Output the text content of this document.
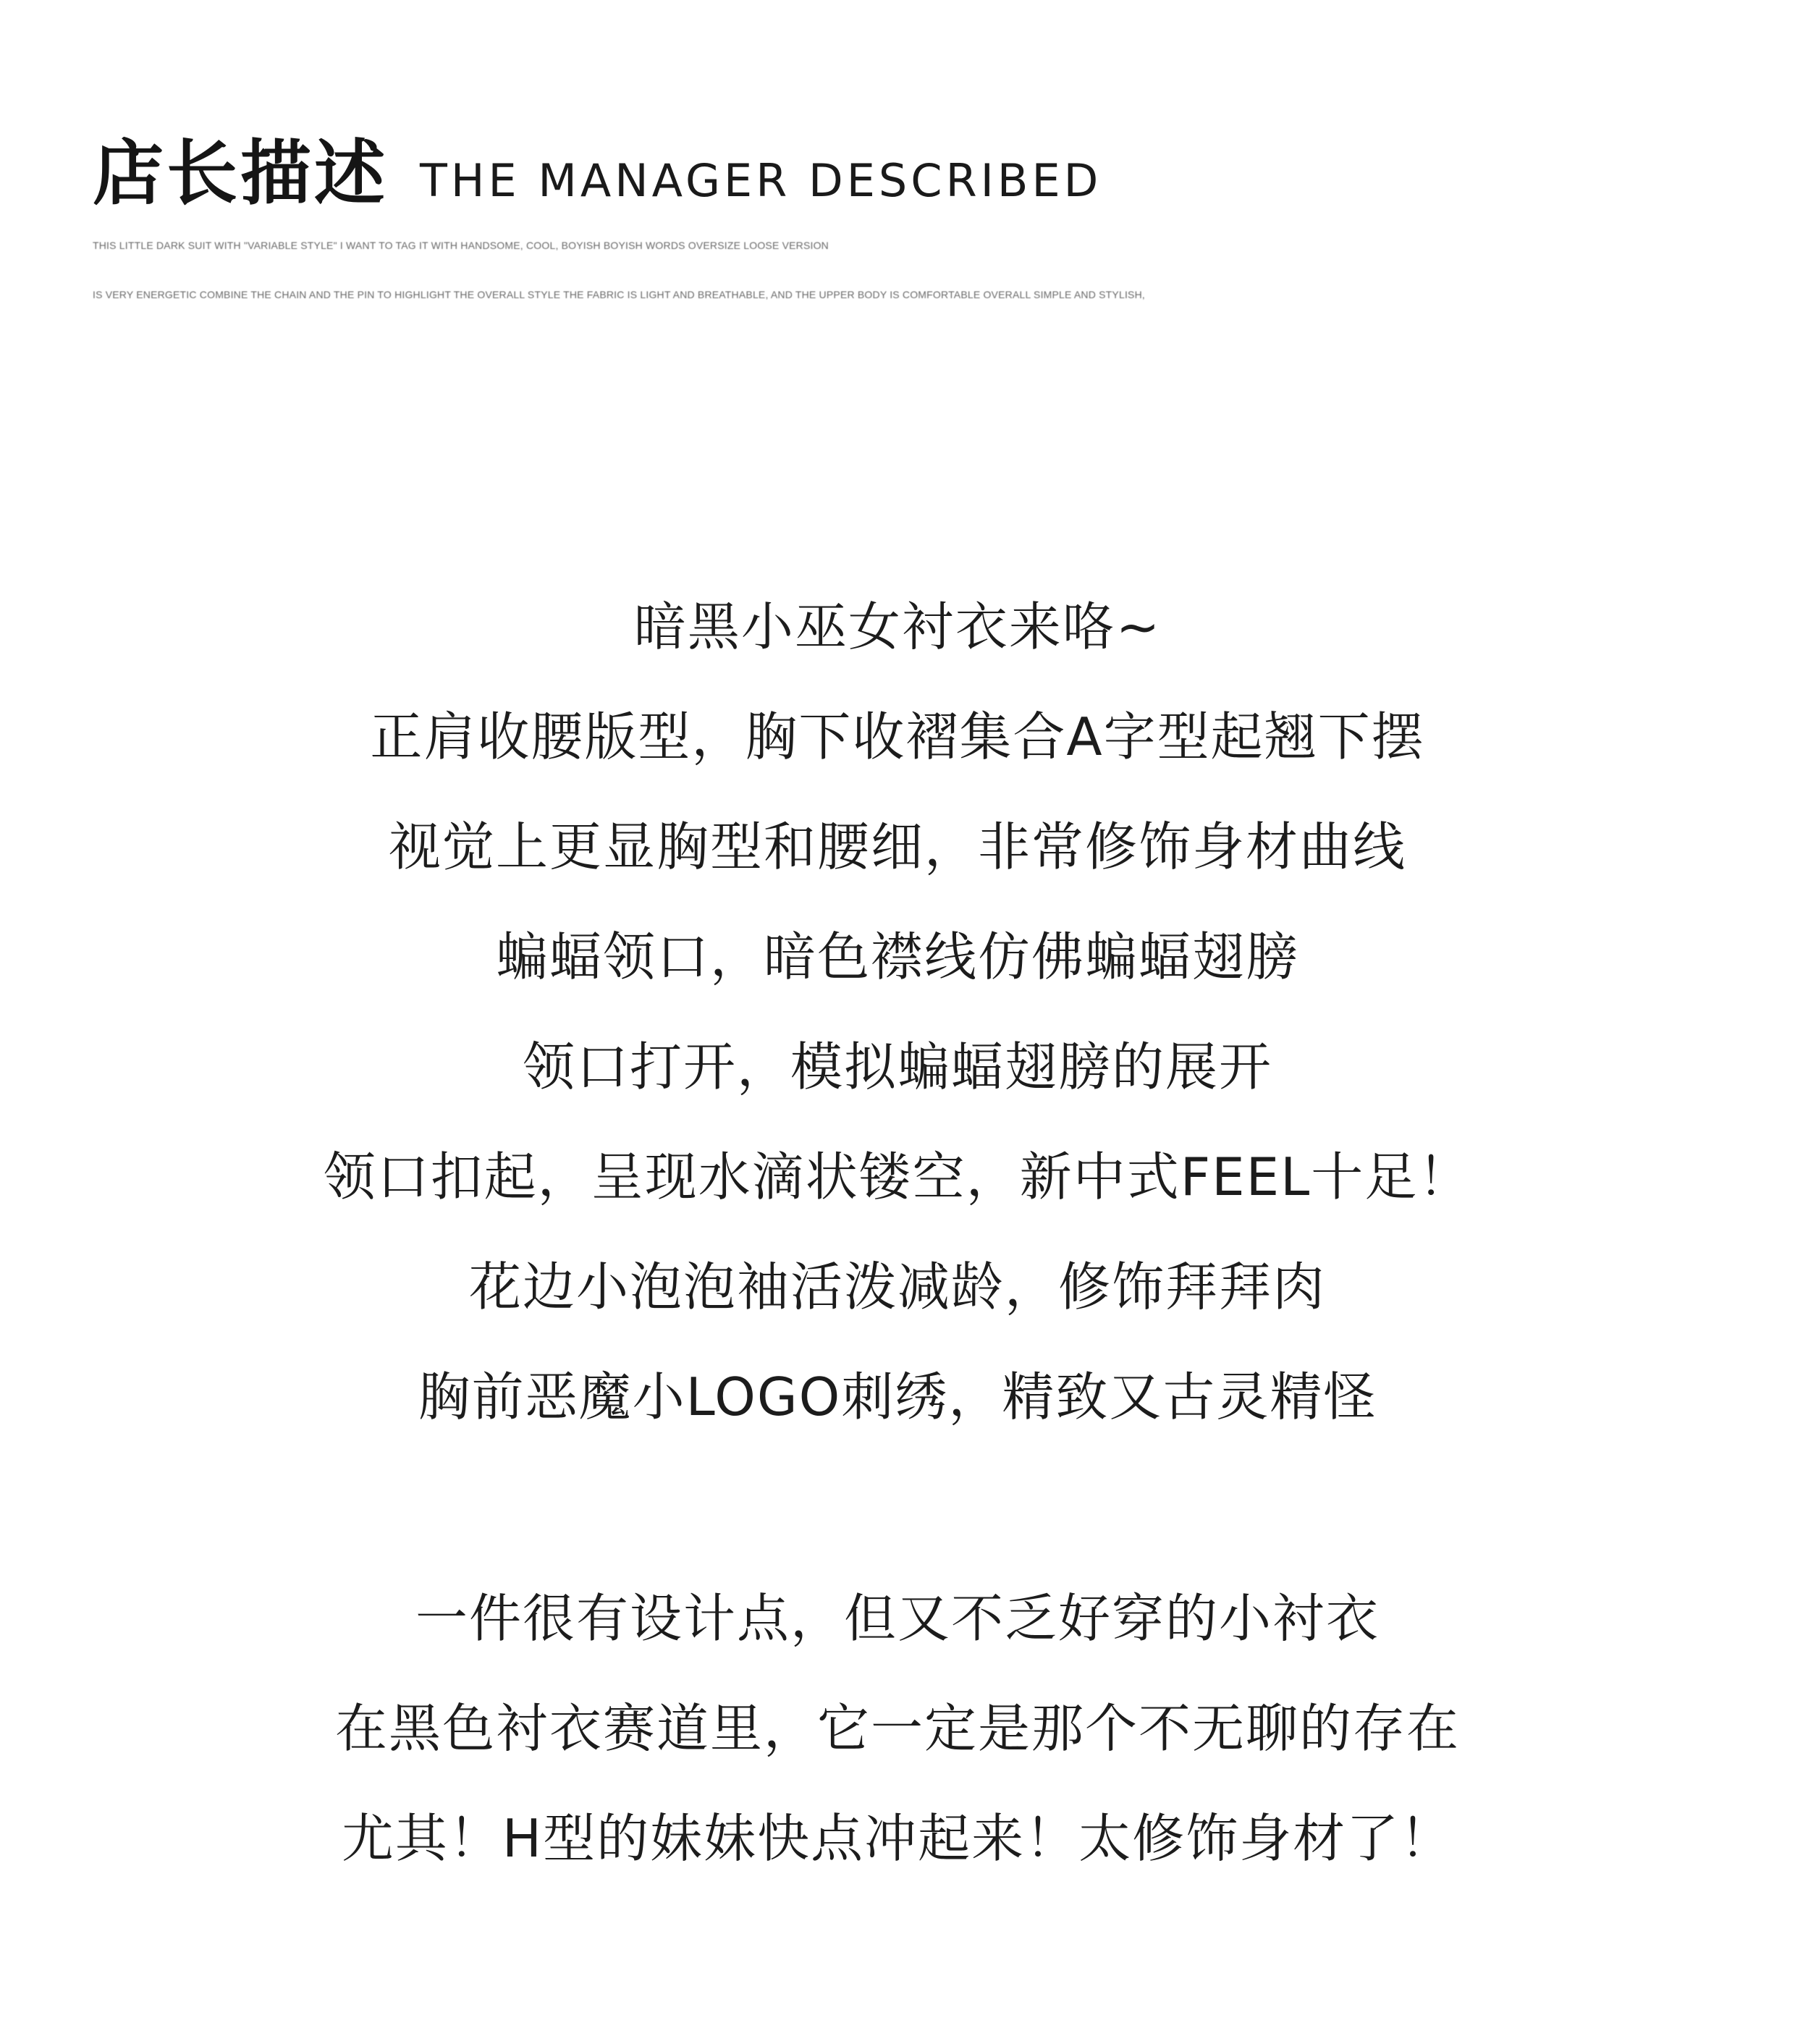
店长描述 THE MANAGER DESCRIBED
THIS LITTLE DARK SUIT WITH "VARIABLE STYLE" I WANT TO TAG IT WITH HANDSOME, COOL, BOYISH BOYISH WORDS OVERSIZE LOOSE VERSION
IS VERY ENERGETIC COMBINE THE CHAIN AND THE PIN TO HIGHLIGHT THE OVERALL STYLE THE FABRIC IS LIGHT AND BREATHABLE, AND THE UPPER BODY IS COMFORTABLE OVERALL SIMPLE AND STYLISH,
暗黑小巫女衬衣来咯~
正肩收腰版型，胸下收褶集合A字型起翘下摆
视觉上更显胸型和腰细，非常修饰身材曲线
蝙蝠领口，暗色襟线仿佛蝙蝠翅膀
领口打开，模拟蝙蝠翅膀的展开
领口扣起，呈现水滴状镂空，新中式FEEL十足！
花边小泡泡袖活泼减龄，修饰拜拜肉
胸前恶魔小LOGO刺绣，精致又古灵精怪
一件很有设计点，但又不乏好穿的小衬衣
在黑色衬衣赛道里，它一定是那个不无聊的存在
尤其！H型的妹妹快点冲起来！太修饰身材了！
